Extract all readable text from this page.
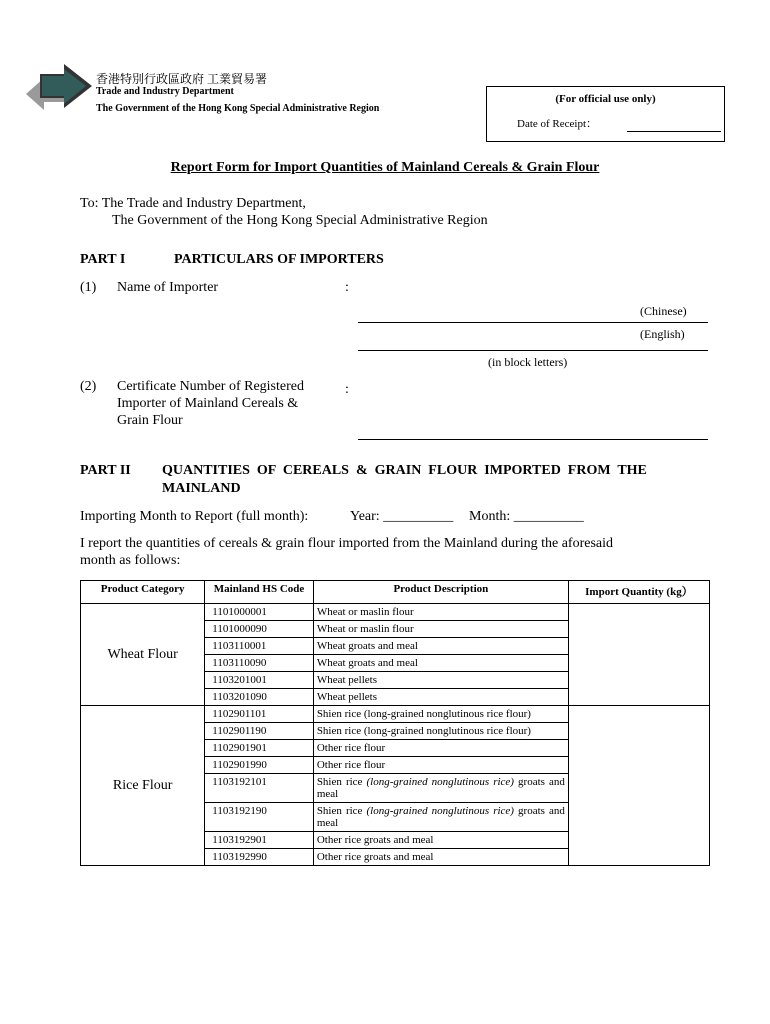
香港特別行政區政府 工業貿易署
Trade and Industry Department
The Government of the Hong Kong Special Administrative Region
(For official use only)
Date of Receipt：
Report Form for Import Quantities of Mainland Cereals & Grain Flour
To: The Trade and Industry Department,
The Government of the Hong Kong Special Administrative Region
PART I	PARTICULARS OF IMPORTERS
(1) Name of Importer	:
(Chinese)
(English)
(in block letters)
(2) Certificate Number of Registered
Importer of Mainland Cereals &
Grain Flour
:
PART II QUANTITIES  OF  CEREALS  &  GRAIN  FLOUR  IMPORTED  FROM  THE
MAINLAND
Importing Month to Report (full month):	Year: __________ Month: __________
I report the quantities of cereals & grain flour imported from the Mainland during the aforesaid
month as follows:
Product Category	Mainland HS Code	Product Description	Import Quantity (kg）
Wheat Flour	1101000001	Wheat or maslin flour	
	1101000090	Wheat or maslin flour	
	1103110001	Wheat groats and meal	
	1103110090	Wheat groats and meal	
	1103201001	Wheat pellets	
	1103201090	Wheat pellets	
Rice Flour	1102901101	Shien rice (long-grained nonglutinous rice flour)	
	1102901190	Shien rice (long-grained nonglutinous rice flour)	
	1102901901	Other rice flour	
	1102901990	Other rice flour	
	1103192101	Shien rice (long-grained nonglutinous rice) groats and meal	
	1103192190	Shien rice (long-grained nonglutinous rice) groats and meal	
	1103192901	Other rice groats and meal	
	1103192990	Other rice groats and meal	
